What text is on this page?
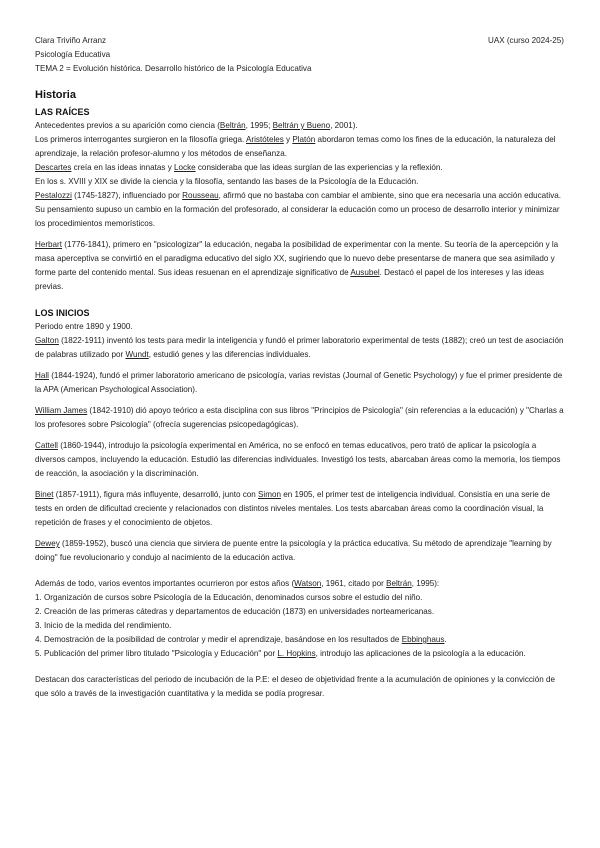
Clara Triviño Arranz	UAX (curso 2024-25)
Psicología Educativa
TEMA 2 = Evolución histórica. Desarrollo histórico de la Psicología Educativa
Historia
LAS RAÍCES

Antecedentes previos a su aparición como ciencia (Beltrán, 1995; Beltrán y Bueno, 2001).

Los primeros interrogantes surgieron en la filosofía griega. Aristóteles y Platón abordaron temas como los fines de la educación, la naturaleza del aprendizaje, la relación profesor-alumno y los métodos de enseñanza.

Descartes creía en las ideas innatas y Locke consideraba que las ideas surgían de las experiencias y la reflexión.

En los s. XVIII y XIX se divide la ciencia y la filosofía, sentando las bases de la Psicología de la Educación.

Pestalozzi (1745-1827), influenciado por Rousseau, afirmó que no bastaba con cambiar el ambiente, sino que era necesaria una acción educativa. Su pensamiento supuso un cambio en la formación del profesorado, al considerar la educación como un proceso de desarrollo interior y minimizar los procedimientos memorísticos.

Herbart (1776-1841), primero en "psicologizar" la educación, negaba la posibilidad de experimentar con la mente. Su teoría de la apercepción y la masa aperceptiva se convirtió en el paradigma educativo del siglo XX, sugiriendo que lo nuevo debe presentarse de manera que sea asimilado y forme parte del contenido mental. Sus ideas resuenan en el aprendizaje significativo de Ausubel. Destacó el papel de los intereses y las ideas previas.

LOS INICIOS

Periodo entre 1890 y 1900.

Galton (1822-1911) inventó los tests para medir la inteligencia y fundó el primer laboratorio experimental de tests (1882); creó un test de asociación de palabras utilizado por Wundt, estudió genes y las diferencias individuales.

Hall (1844-1924), fundó el primer laboratorio americano de psicología, varias revistas (Journal of Genetic Psychology) y fue el primer presidente de la APA (American Psychological Association).

William James (1842-1910) dió apoyo teórico a esta disciplina con sus libros "Principios de Psicología" (sin referencias a la educación) y "Charlas a los profesores sobre Psicología" (ofrecía sugerencias psicopedagógicas).

Cattell (1860-1944), introdujo la psicología experimental en América, no se enfocó en temas educativos, pero trató de aplicar la psicología a diversos campos, incluyendo la educación. Estudió las diferencias individuales. Investigó los tests, abarcaban áreas como la memoria, los tiempos de reacción, la asociación y la discriminación.

Binet (1857-1911), figura más influyente, desarrolló, junto con Simon en 1905, el primer test de inteligencia individual. Consistía en una serie de tests en orden de dificultad creciente y relacionados con distintos niveles mentales. Los tests abarcaban áreas como la coordinación visual, la repetición de frases y el conocimiento de objetos.

Dewey (1859-1952), buscó una ciencia que sirviera de puente entre la psicología y la práctica educativa. Su método de aprendizaje "learning by doing" fue revolucionario y condujo al nacimiento de la educación activa.

Además de todo, varios eventos importantes ocurrieron por estos años (Watson, 1961, citado por Beltrán, 1995):

1. Organización de cursos sobre Psicología de la Educación, denominados cursos sobre el estudio del niño.

2. Creación de las primeras cátedras y departamentos de educación (1873) en universidades norteamericanas.

3. Inicio de la medida del rendimiento.

4. Demostración de la posibilidad de controlar y medir el aprendizaje, basándose en los resultados de Ebbinghaus.

5. Publicación del primer libro titulado "Psicología y Educación" por L. Hopkins, introdujo las aplicaciones de la psicología a la educación.

Destacan dos características del periodo de incubación de la P.E: el deseo de objetividad frente a la acumulación de opiniones y la convicción de que sólo a través de la investigación cuantitativa y la medida se podía progresar.
